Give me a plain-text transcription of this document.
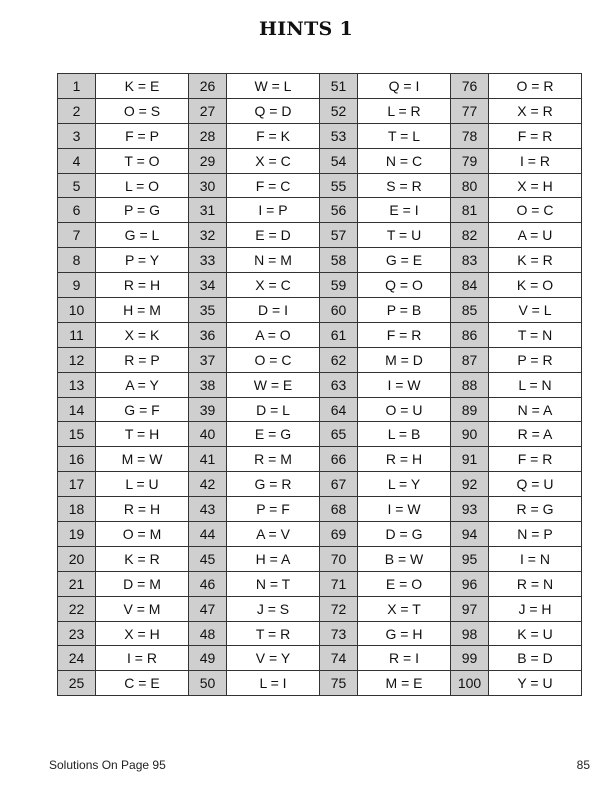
HINTS 1
1	K = E	26	W = L	51	Q = I	76	O = R
2	O = S	27	Q = D	52	L = R	77	X = R
3	F = P	28	F = K	53	T = L	78	F = R
4	T = O	29	X = C	54	N = C	79	I = R
5	L = O	30	F = C	55	S = R	80	X = H
6	P = G	31	I = P	56	E = I	81	O = C
7	G = L	32	E = D	57	T = U	82	A = U
8	P = Y	33	N = M	58	G = E	83	K = R
9	R = H	34	X = C	59	Q = O	84	K = O
10	H = M	35	D = I	60	P = B	85	V = L
11	X = K	36	A = O	61	F = R	86	T = N
12	R = P	37	O = C	62	M = D	87	P = R
13	A = Y	38	W = E	63	I = W	88	L = N
14	G = F	39	D = L	64	O = U	89	N = A
15	T = H	40	E = G	65	L = B	90	R = A
16	M = W	41	R = M	66	R = H	91	F = R
17	L = U	42	G = R	67	L = Y	92	Q = U
18	R = H	43	P = F	68	I = W	93	R = G
19	O = M	44	A = V	69	D = G	94	N = P
20	K = R	45	H = A	70	B = W	95	I = N
21	D = M	46	N = T	71	E = O	96	R = N
22	V = M	47	J = S	72	X = T	97	J = H
23	X = H	48	T = R	73	G = H	98	K = U
24	I = R	49	V = Y	74	R = I	99	B = D
25	C = E	50	L = I	75	M = E	100	Y = U
Solutions On Page 95	85
